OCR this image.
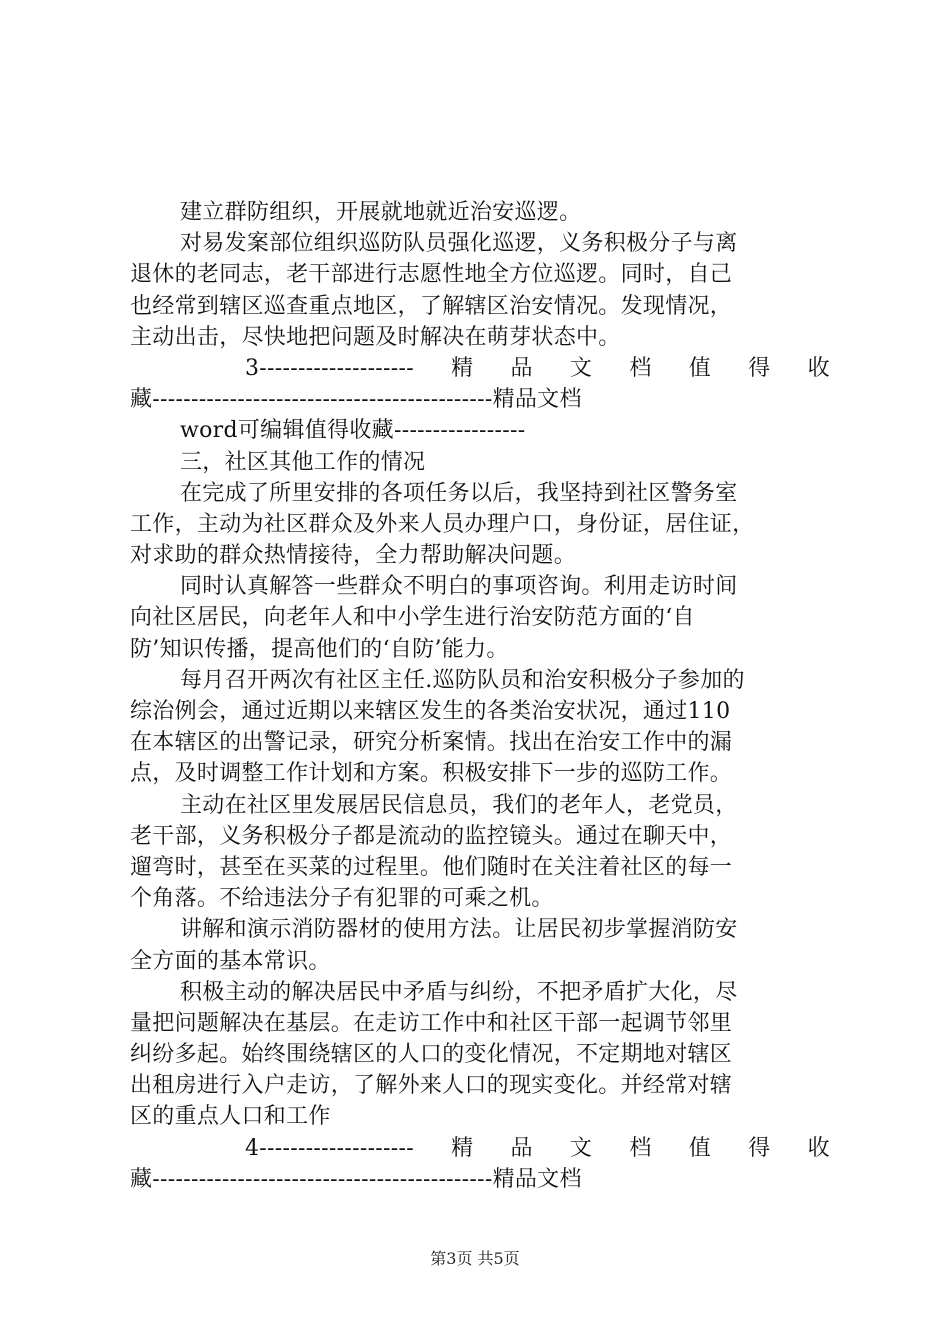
建立群防组织，开展就地就近治安巡逻。
对易发案部位组织巡防队员强化巡逻，义务积极分子与离
退休的老同志，老干部进行志愿性地全方位巡逻。同时，自己
也经常到辖区巡查重点地区，了解辖区治安情况。发现情况，
主动出击，尽快地把问题及时解决在萌芽状态中。
3-------------------- 精 品 文 档 值 得 收
藏--------------------------------------------精品文档
word可编辑值得收藏-----------------
三，社区其他工作的情况
在完成了所里安排的各项任务以后，我坚持到社区警务室
工作，主动为社区群众及外来人员办理户口，身份证，居住证，
对求助的群众热情接待，全力帮助解决问题。
同时认真解答一些群众不明白的事项咨询。利用走访时间
向社区居民，向老年人和中小学生进行治安防范方面的‘自
防’知识传播，提高他们的‘自防’能力。
每月召开两次有社区主任.巡防队员和治安积极分子参加的
综治例会，通过近期以来辖区发生的各类治安状况，通过110
在本辖区的出警记录，研究分析案情。找出在治安工作中的漏
点，及时调整工作计划和方案。积极安排下一步的巡防工作。
主动在社区里发展居民信息员，我们的老年人，老党员，
老干部，义务积极分子都是流动的监控镜头。通过在聊天中，
遛弯时，甚至在买菜的过程里。他们随时在关注着社区的每一
个角落。不给违法分子有犯罪的可乘之机。
讲解和演示消防器材的使用方法。让居民初步掌握消防安
全方面的基本常识。
积极主动的解决居民中矛盾与纠纷，不把矛盾扩大化，尽
量把问题解决在基层。在走访工作中和社区干部一起调节邻里
纠纷多起。始终围绕辖区的人口的变化情况，不定期地对辖区
出租房进行入户走访，了解外来人口的现实变化。并经常对辖
区的重点人口和工作
4-------------------- 精 品 文 档 值 得 收
藏--------------------------------------------精品文档
第3页 共5页
